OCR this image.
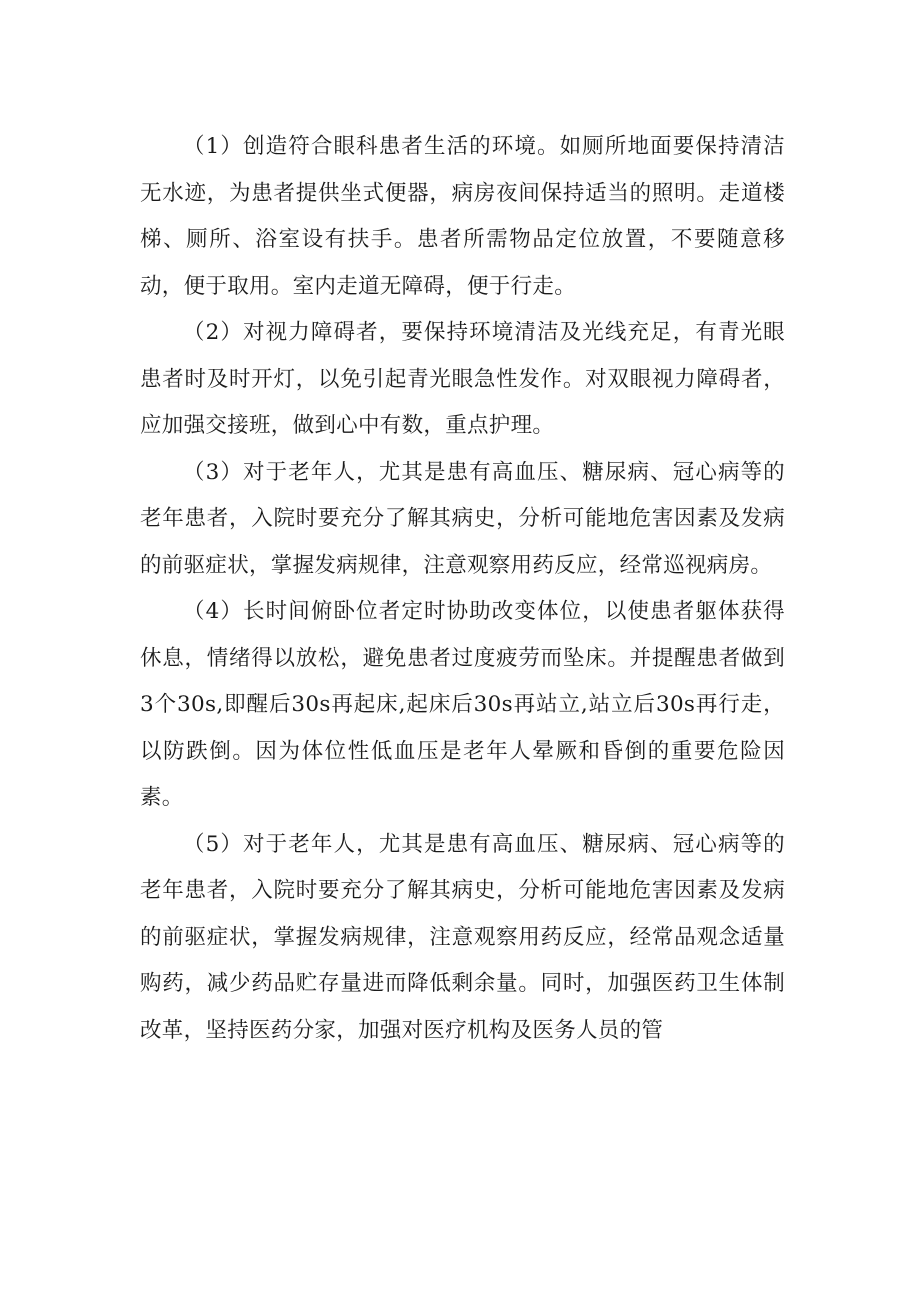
（1）创造符合眼科患者生活的环境。如厕所地面要保持清洁无水迹，为患者提供坐式便器，病房夜间保持适当的照明。走道楼梯、厕所、浴室设有扶手。患者所需物品定位放置，不要随意移动，便于取用。室内走道无障碍，便于行走。

（2）对视力障碍者，要保持环境清洁及光线充足，有青光眼患者时及时开灯，以免引起青光眼急性发作。对双眼视力障碍者，应加强交接班，做到心中有数，重点护理。

（3）对于老年人，尤其是患有高血压、糖尿病、冠心病等的老年患者，入院时要充分了解其病史，分析可能地危害因素及发病的前驱症状，掌握发病规律，注意观察用药反应，经常巡视病房。

（4）长时间俯卧位者定时协助改变体位，以使患者躯体获得休息，情绪得以放松，避免患者过度疲劳而坠床。并提醒患者做到3个30s,即醒后30s再起床,起床后30s再站立,站立后30s再行走，以防跌倒。因为体位性低血压是老年人晕厥和昏倒的重要危险因素。

（5）对于老年人，尤其是患有高血压、糖尿病、冠心病等的老年患者，入院时要充分了解其病史，分析可能地危害因素及发病的前驱症状，掌握发病规律，注意观察用药反应，经常品观念适量购药，减少药品贮存量进而降低剩余量。同时，加强医药卫生体制改革，坚持医药分家，加强对医疗机构及医务人员的管
